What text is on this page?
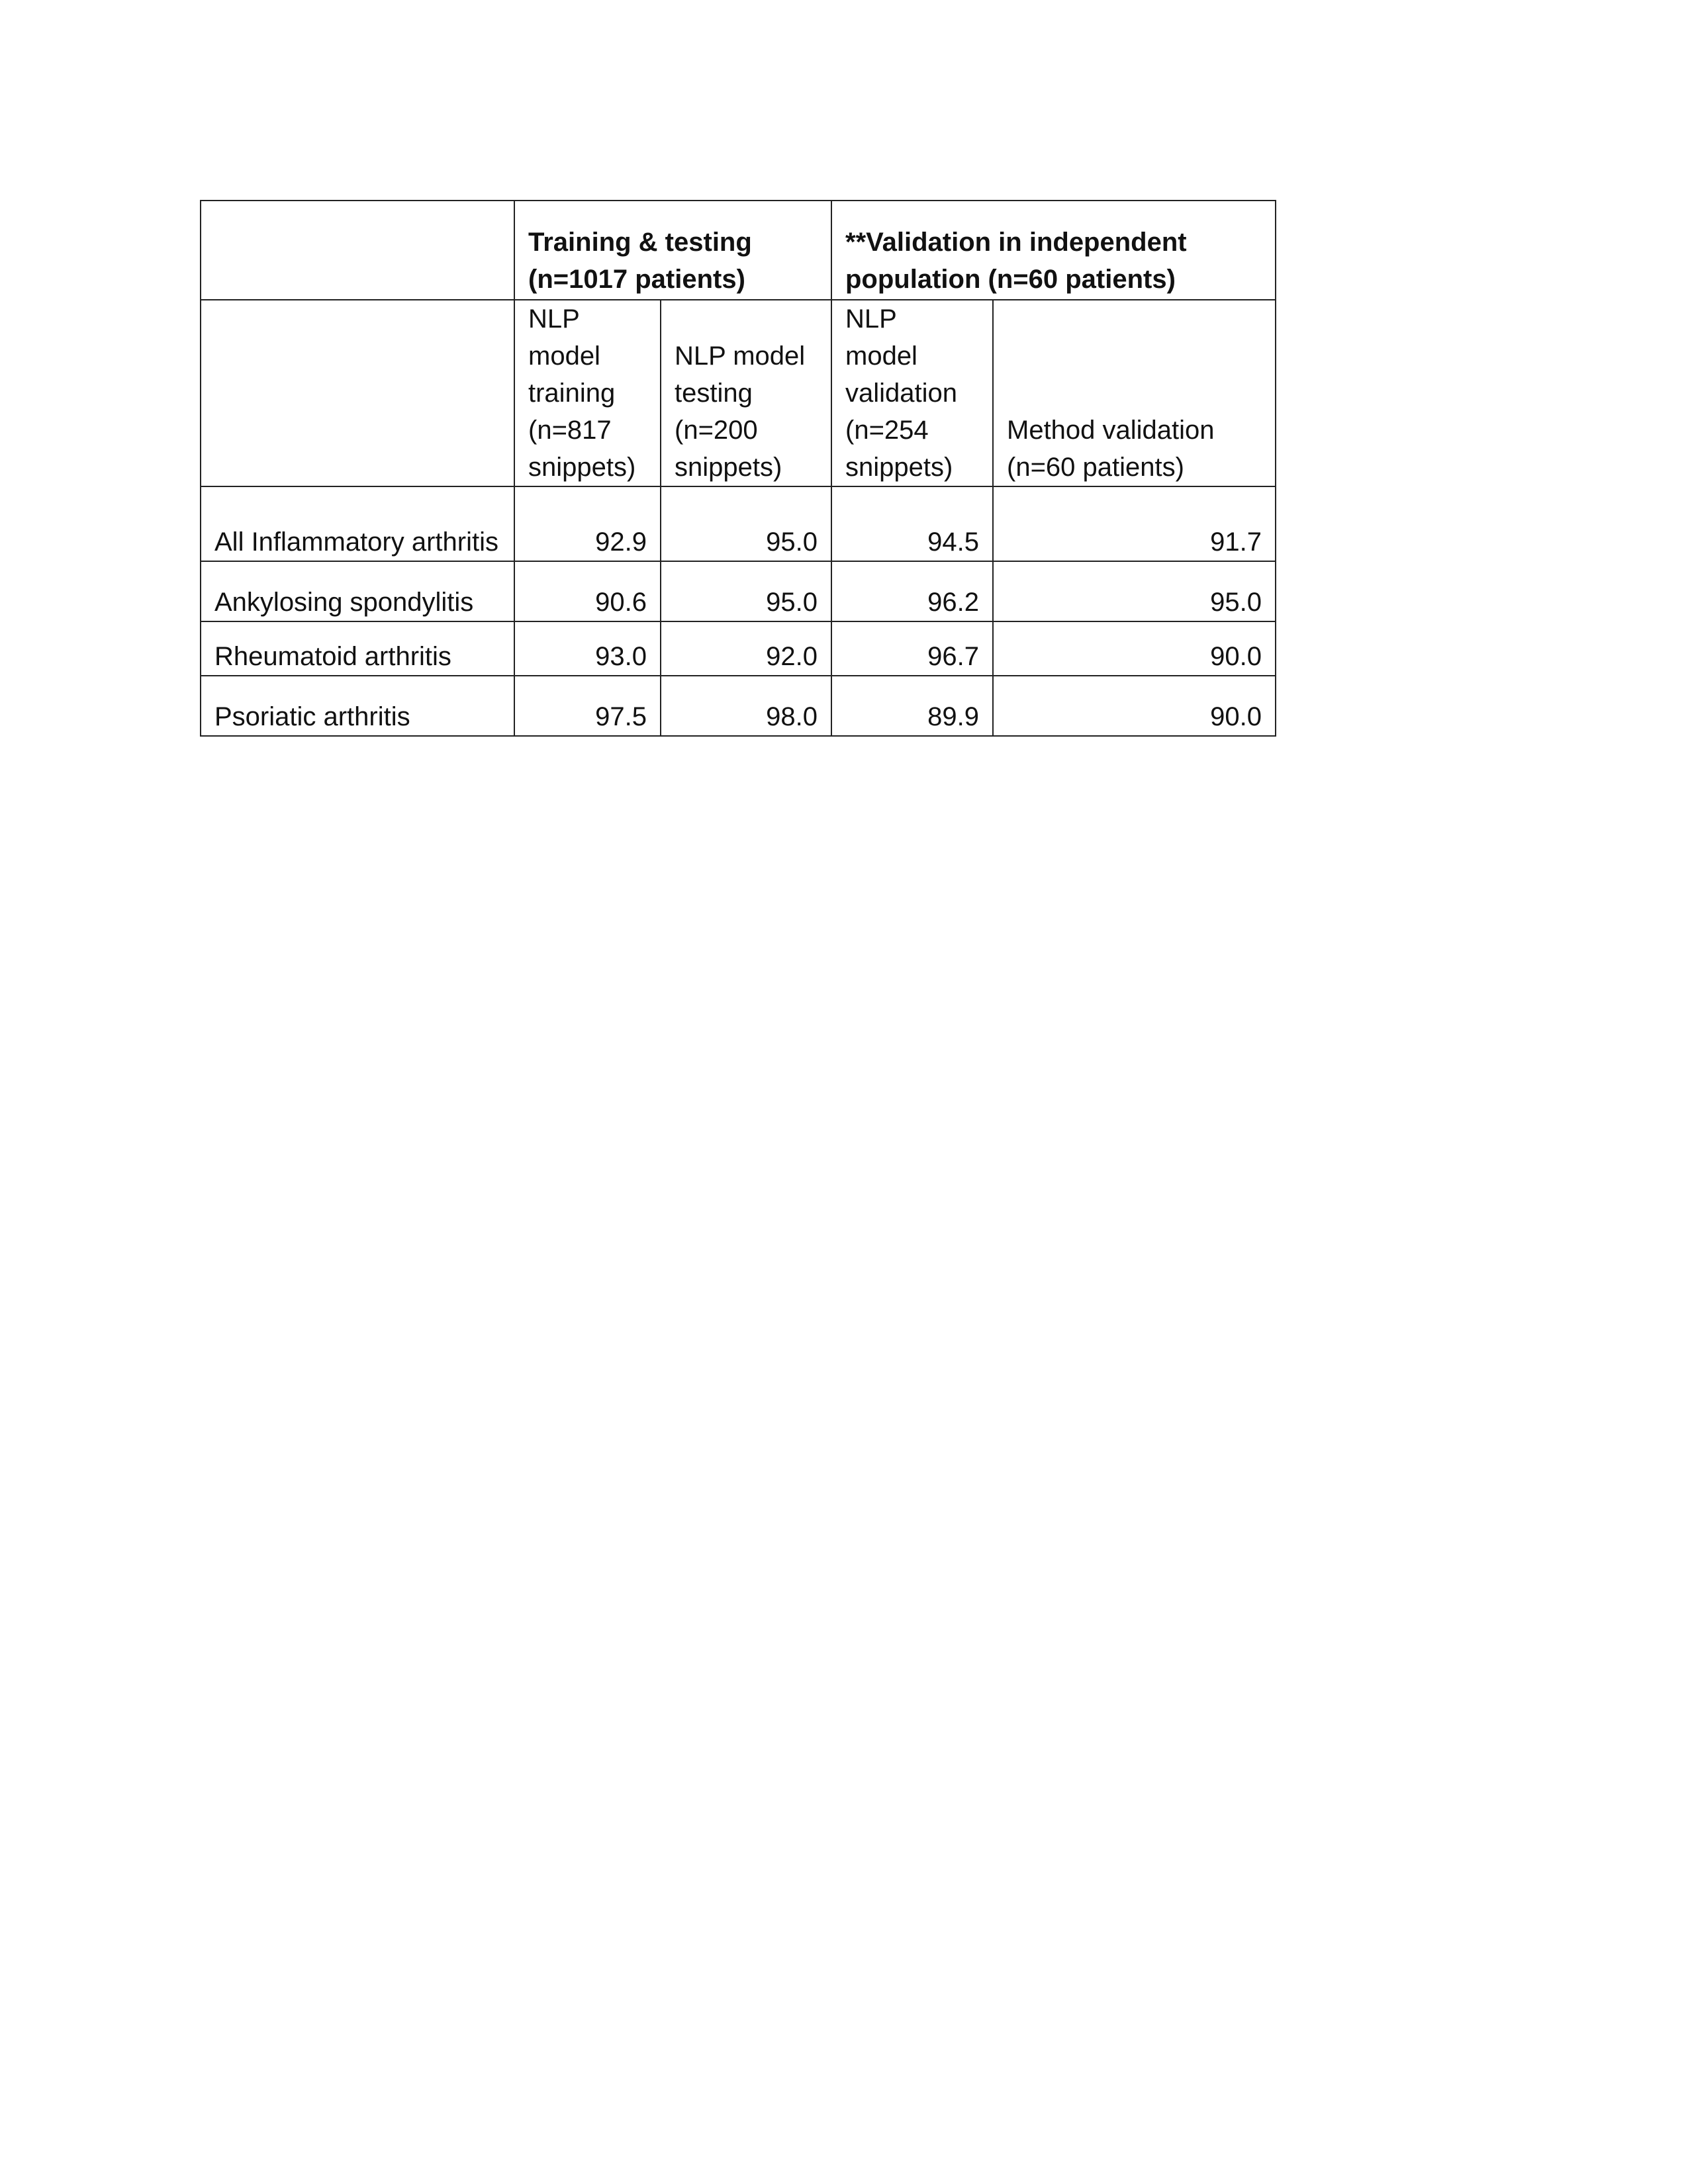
	Training & testing (n=1017 patients)		**Validation in independent population (n=60 patients)	
	NLP
model
training
(n=817
snippets)	NLP model
testing
(n=200
snippets)	NLP
model
validation
(n=254
snippets)	Method validation
(n=60 patients)
All Inflammatory arthritis	92.9	95.0	94.5	91.7
Ankylosing spondylitis	90.6	95.0	96.2	95.0
Rheumatoid arthritis	93.0	92.0	96.7	90.0
Psoriatic arthritis	97.5	98.0	89.9	90.0
